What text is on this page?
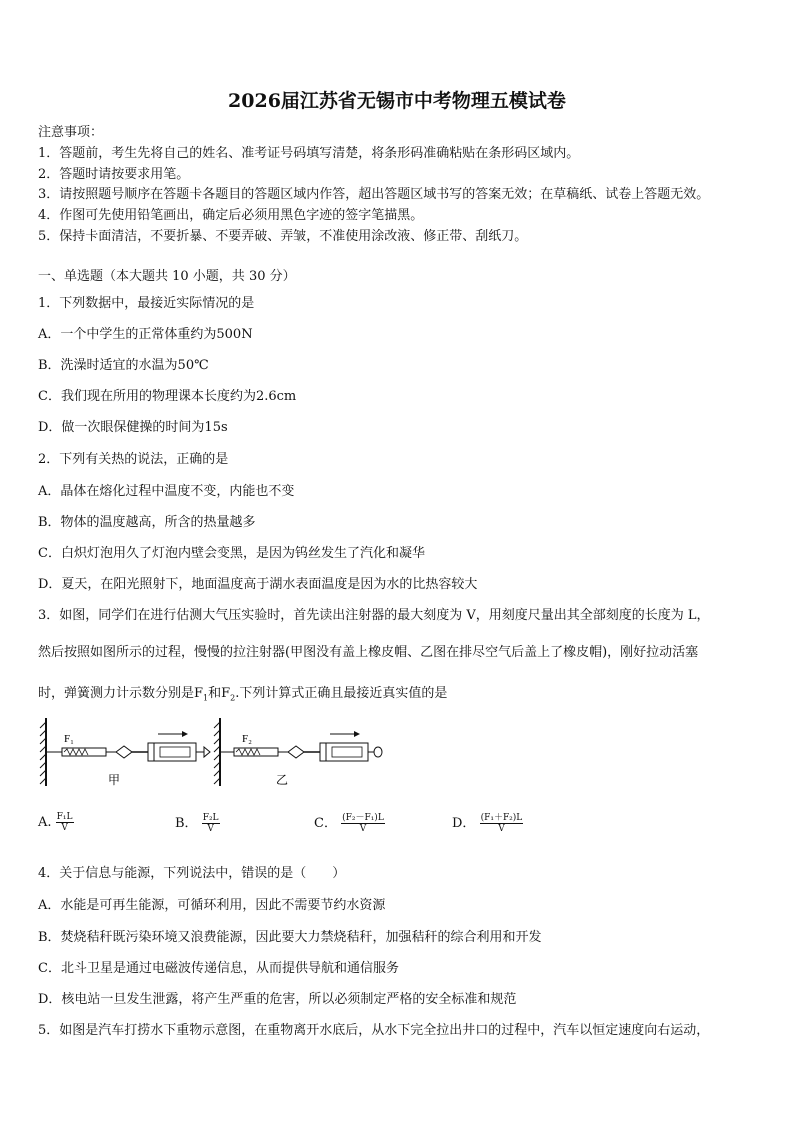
2026届江苏省无锡市中考物理五模试卷
注意事项：
1．答题前，考生先将自己的姓名、准考证号码填写清楚，将条形码准确粘贴在条形码区域内。
2．答题时请按要求用笔。
3．请按照题号顺序在答题卡各题目的答题区域内作答，超出答题区域书写的答案无效；在草稿纸、试卷上答题无效。
4．作图可先使用铅笔画出，确定后必须用黑色字迹的签字笔描黑。
5．保持卡面清洁，不要折暴、不要弄破、弄皱，不准使用涂改液、修正带、刮纸刀。
一、单选题（本大题共 10 小题，共 30 分）
1．下列数据中，最接近实际情况的是
A．一个中学生的正常体重约为500N
B．洗澡时适宜的水温为50℃
C．我们现在所用的物理课本长度约为2.6cm
D．做一次眼保健操的时间为15s
2．下列有关热的说法，正确的是
A．晶体在熔化过程中温度不变，内能也不变
B．物体的温度越高，所含的热量越多
C．白炽灯泡用久了灯泡内壁会变黑，是因为钨丝发生了汽化和凝华
D．夏天，在阳光照射下，地面温度高于湖水表面温度是因为水的比热容较大
3．如图，同学们在进行估测大气压实验时，首先读出注射器的最大刻度为 V，用刻度尺量出其全部刻度的长度为 L，
然后按照如图所示的过程，慢慢的拉注射器(甲图没有盖上橡皮帽、乙图在排尽空气后盖上了橡皮帽)，刚好拉动活塞
时，弹簧测力计示数分别是$F_1$和$F_2$.下列计算式正确且最接近真实值的是
F₁
甲
F₂
乙
A. $\frac{\text{F₁L}}{V}$	B． $\frac{\text{F₂L}}{V}$	C． $\frac{\text{(F₂－F₁)L}}{V}$	D． $\frac{\text{(F₁＋F₂)L}}{V}$
4．关于信息与能源，下列说法中，错误的是（　　）
A．水能是可再生能源，可循环利用，因此不需要节约水资源
B．焚烧秸秆既污染环境又浪费能源，因此要大力禁烧秸秆，加强秸秆的综合利用和开发
C．北斗卫星是通过电磁波传递信息，从而提供导航和通信服务
D．核电站一旦发生泄露，将产生严重的危害，所以必须制定严格的安全标准和规范
5．如图是汽车打捞水下重物示意图，在重物离开水底后，从水下完全拉出井口的过程中，汽车以恒定速度向右运动，
